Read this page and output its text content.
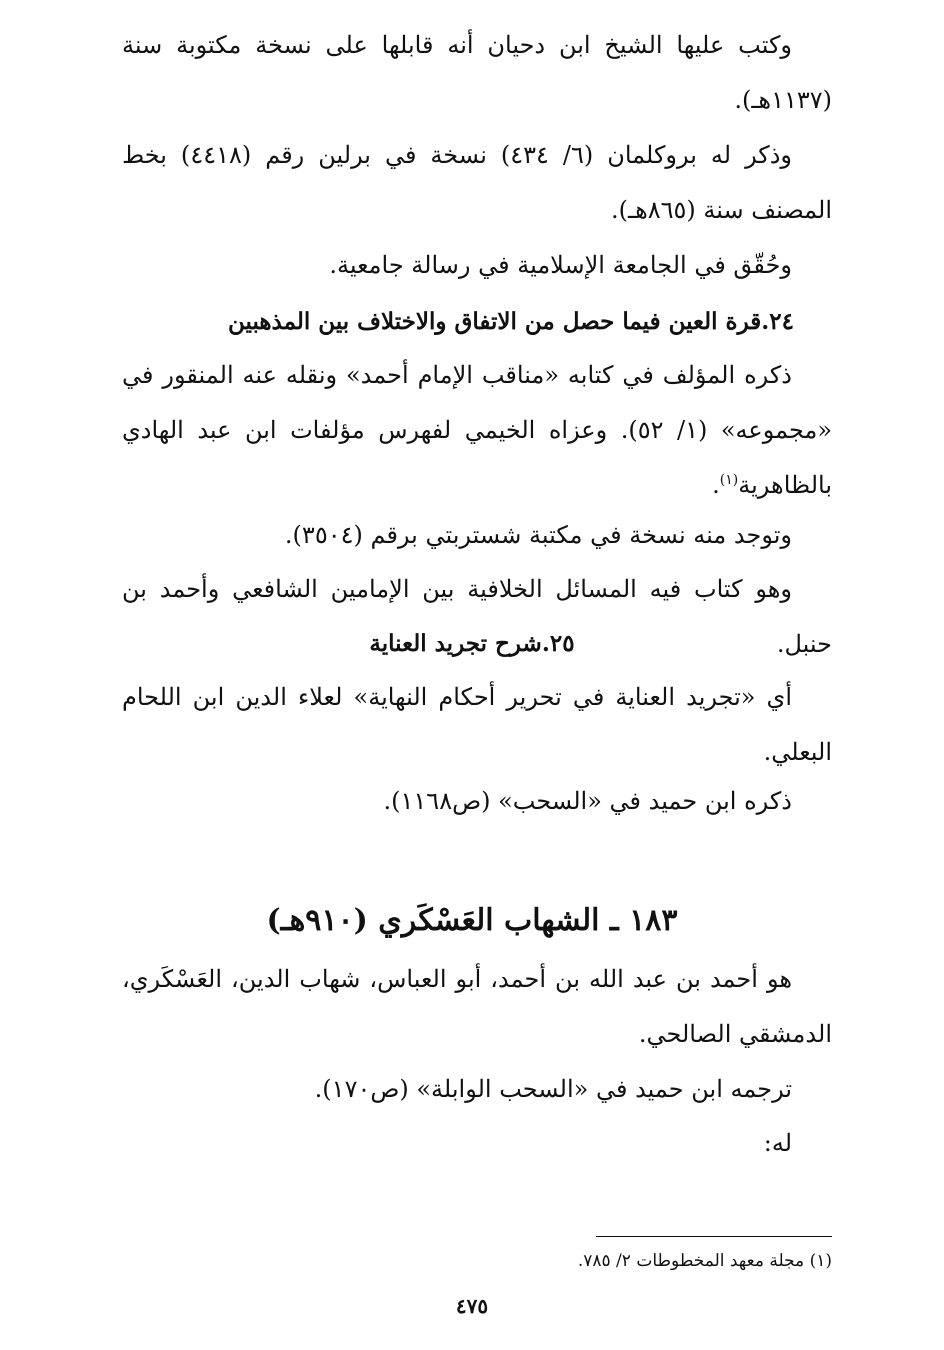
وكتب عليها الشيخ ابن دحيان أنه قابلها على نسخة مكتوبة سنة (١١٣٧هـ).

وذكر له بروكلمان (٦/ ٤٣٤) نسخة في برلين رقم (٤٤١٨) بخط المصنف سنة (٨٦٥هـ).

وحُقّق في الجامعة الإسلامية في رسالة جامعية.

٢٤.قرة العين فيما حصل من الاتفاق والاختلاف بين المذهبين

ذكره المؤلف في كتابه «مناقب الإمام أحمد» ونقله عنه المنقور في «مجموعه» (١/ ٥٢). وعزاه الخيمي لفهرس مؤلفات ابن عبد الهادي بالظاهرية$^{(١)}$.

وتوجد منه نسخة في مكتبة شستربتي برقم (٣٥٠٤).

وهو كتاب فيه المسائل الخلافية بين الإمامين الشافعي وأحمد بن حنبل.

٢٥.شرح تجريد العناية

أي «تجريد العناية في تحرير أحكام النهاية» لعلاء الدين ابن اللحام البعلي.

ذكره ابن حميد في «السحب» (ص١١٦٨).

١٨٣ ـ الشهاب العَسْكَري (٩١٠هـ)

هو أحمد بن عبد الله بن أحمد، أبو العباس، شهاب الدين، العَسْكَري، الدمشقي الصالحي.

ترجمه ابن حميد في «السحب الوابلة» (ص١٧٠).

له:

(١) مجلة معهد المخطوطات ٢/ ٧٨٥.
٤٧٥
